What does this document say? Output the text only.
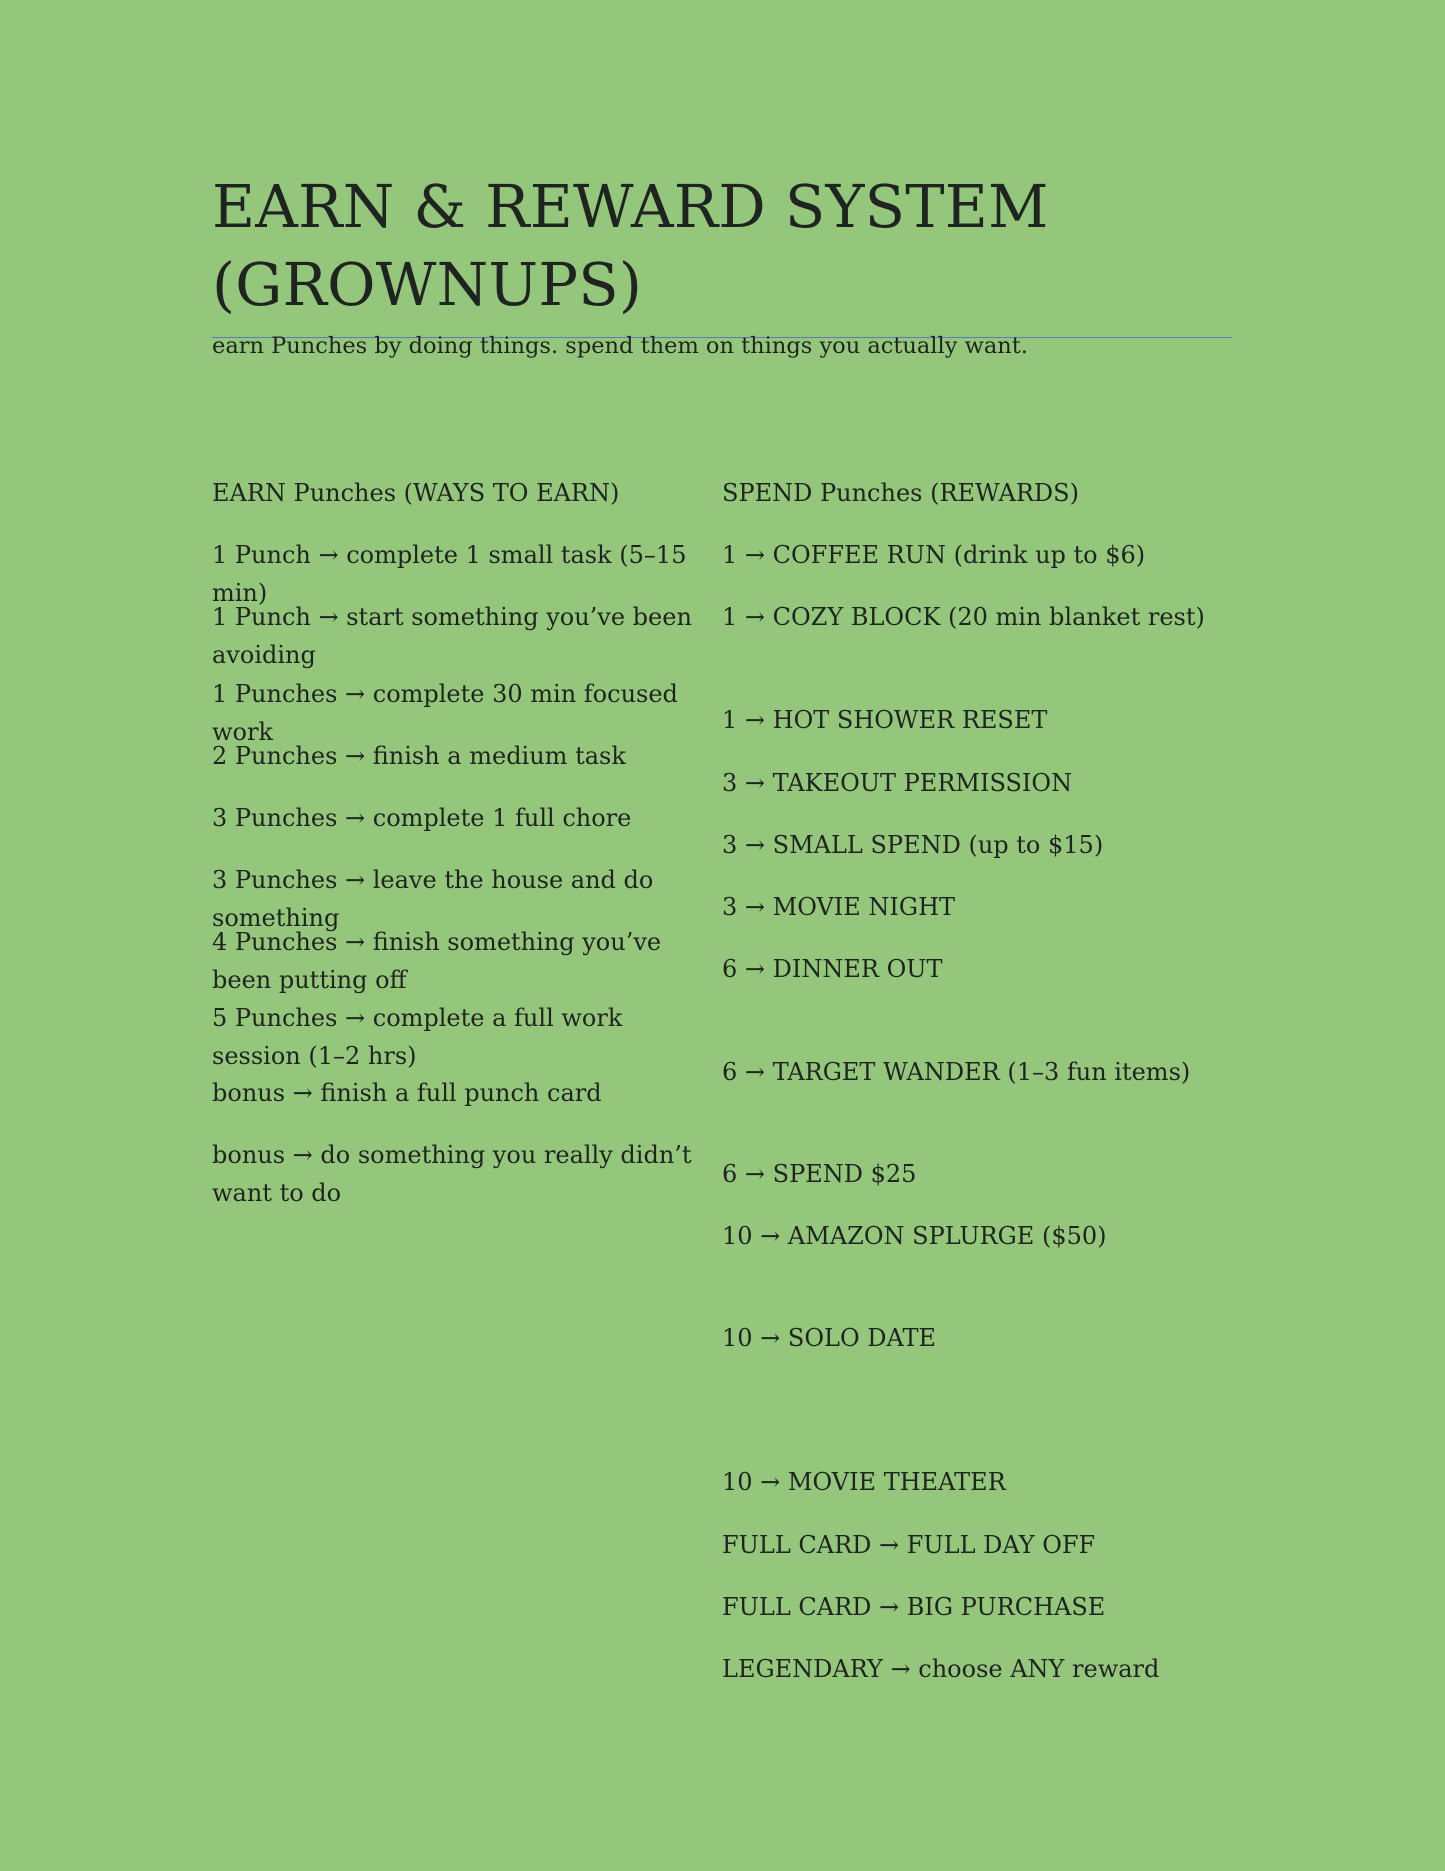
EARN & REWARD SYSTEM (GROWNUPS)

earn Punches by doing things. spend them on things you actually want.

EARN Punches (WAYS TO EARN)
1 Punch → complete 1 small task (5–15 min)
1 Punch → start something you’ve been avoiding
1 Punches → complete 30 min focused work
2 Punches → finish a medium task
3 Punches → complete 1 full chore
3 Punches → leave the house and do something
4 Punches → finish something you’ve been putting off
5 Punches → complete a full work session (1–2 hrs)
bonus → finish a full punch card
bonus → do something you really didn’t want to do
SPEND Punches (REWARDS)
1 → COFFEE RUN (drink up to $6)
1 → COZY BLOCK (20 min blanket rest)
1 → HOT SHOWER RESET
3 → TAKEOUT PERMISSION
3 → SMALL SPEND (up to $15)
3 → MOVIE NIGHT
6 → DINNER OUT
6 → TARGET WANDER (1–3 fun items)
6 → SPEND $25
10 → AMAZON SPLURGE ($50)
10 → SOLO DATE
10 → MOVIE THEATER
FULL CARD → FULL DAY OFF
FULL CARD → BIG PURCHASE
LEGENDARY → choose ANY reward
